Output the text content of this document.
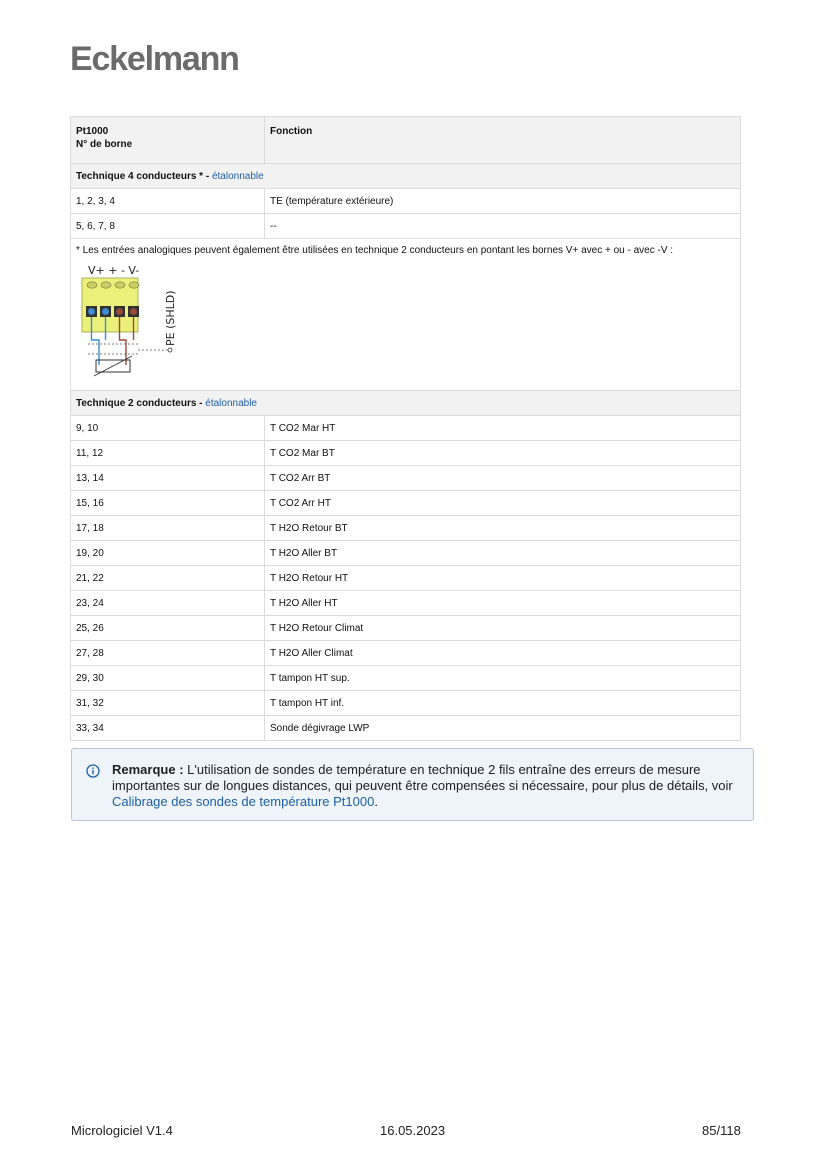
Eckelmann
Pt1000
N° de borne	Fonction
Technique 4 conducteurs * - étalonnable	
1, 2, 3, 4	TE (température extérieure)
5, 6, 7, 8	--

* Les entrées analogiques peuvent également être utilisées en technique 2 conducteurs en pontant les bornes V+ avec + ou - avec -V :
V+ + - V-
PE (SHLD)	

Technique 2 conducteurs - étalonnable	
9, 10	T CO2 Mar HT
11, 12	T CO2 Mar BT
13, 14	T CO2 Arr BT
15, 16	T CO2 Arr HT
17, 18	T H2O Retour BT
19, 20	T H2O Aller BT
21, 22	T H2O Retour HT
23, 24	T H2O Aller HT
25, 26	T H2O Retour Climat
27, 28	T H2O Aller Climat
29, 30	T tampon HT sup.
31, 32	T tampon HT inf.
33, 34	Sonde dégivrage LWP
Remarque : L'utilisation de sondes de température en technique 2 fils entraîne des erreurs de mesure importantes sur de longues distances, qui peuvent être compensées si nécessaire, pour plus de détails, voir Calibrage des sondes de température Pt1000.
Micrologiciel V1.4	16.05.2023	85/118
